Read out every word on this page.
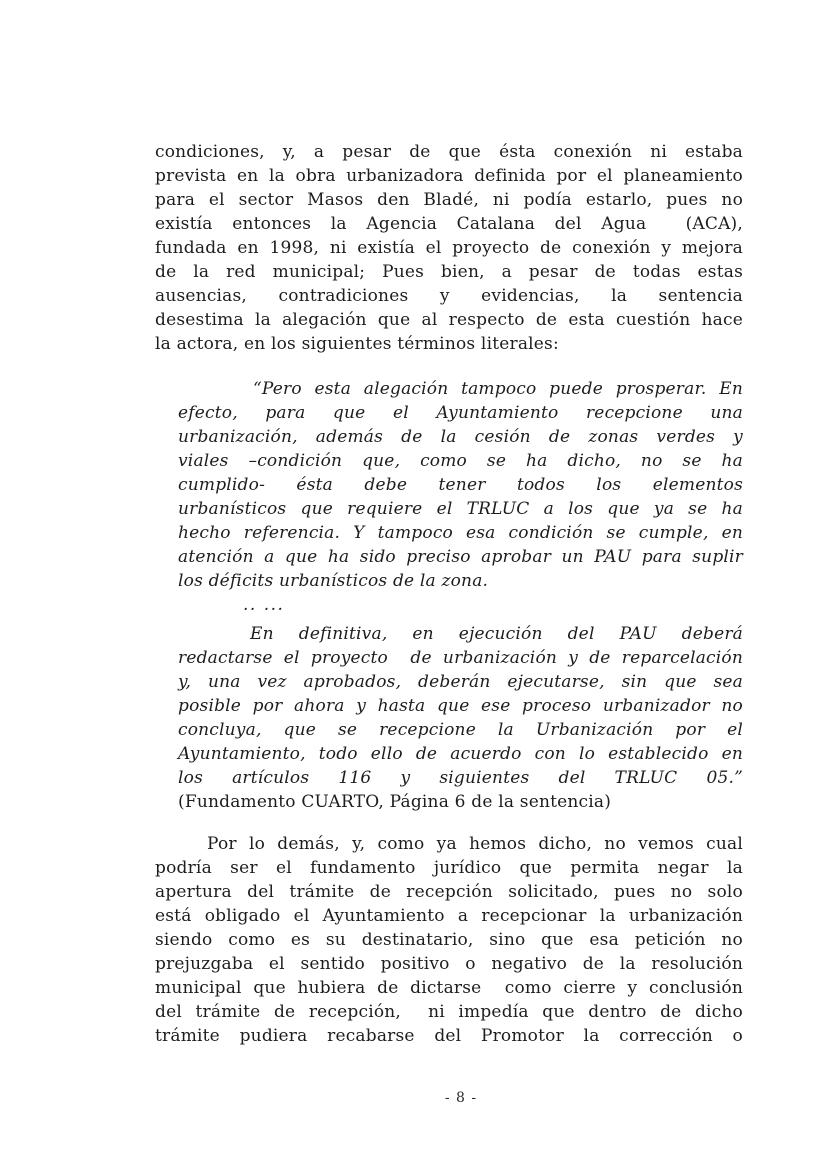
condiciones, y, a pesar de que ésta conexión ni estaba
prevista en la obra urbanizadora definida por el planeamiento
para el sector Masos den Bladé, ni podía estarlo, pues no
existía entonces la Agencia Catalana del Agua  (ACA),
fundada en 1998, ni existía el proyecto de conexión y mejora
de la red municipal; Pues bien, a pesar de todas estas
ausencias, contradiciones y evidencias, la sentencia
desestima la alegación que al respecto de esta cuestión hace
la actora, en los siguientes términos literales:
“Pero esta alegación tampoco puede prosperar. En
efecto, para que el Ayuntamiento recepcione una
urbanización, además de la cesión de zonas verdes y
viales –condición que, como se ha dicho, no se ha
cumplido- ésta debe tener todos los elementos
urbanísticos que requiere el TRLUC a los que ya se ha
hecho referencia. Y tampoco esa condición se cumple, en
atención a que ha sido preciso aprobar un PAU para suplir
los déficits urbanísticos de la zona.
.. ...
En definitiva, en ejecución del PAU deberá
redactarse el proyecto  de urbanización y de reparcelación
y, una vez aprobados, deberán ejecutarse, sin que sea
posible por ahora y hasta que ese proceso urbanizador no
concluya, que se recepcione la Urbanización por el
Ayuntamiento, todo ello de acuerdo con lo establecido en
los artículos 116 y siguientes del TRLUC 05.”
(Fundamento CUARTO, Página 6 de la sentencia)
Por lo demás, y, como ya hemos dicho, no vemos cual
podría ser el fundamento jurídico que permita negar la
apertura del trámite de recepción solicitado, pues no solo
está obligado el Ayuntamiento a recepcionar la urbanización
siendo como es su destinatario, sino que esa petición no
prejuzgaba el sentido positivo o negativo de la resolución
municipal que hubiera de dictarse  como cierre y conclusión
del trámite de recepción,  ni impedía que dentro de dicho
trámite pudiera recabarse del Promotor la corrección o
- 8 -
